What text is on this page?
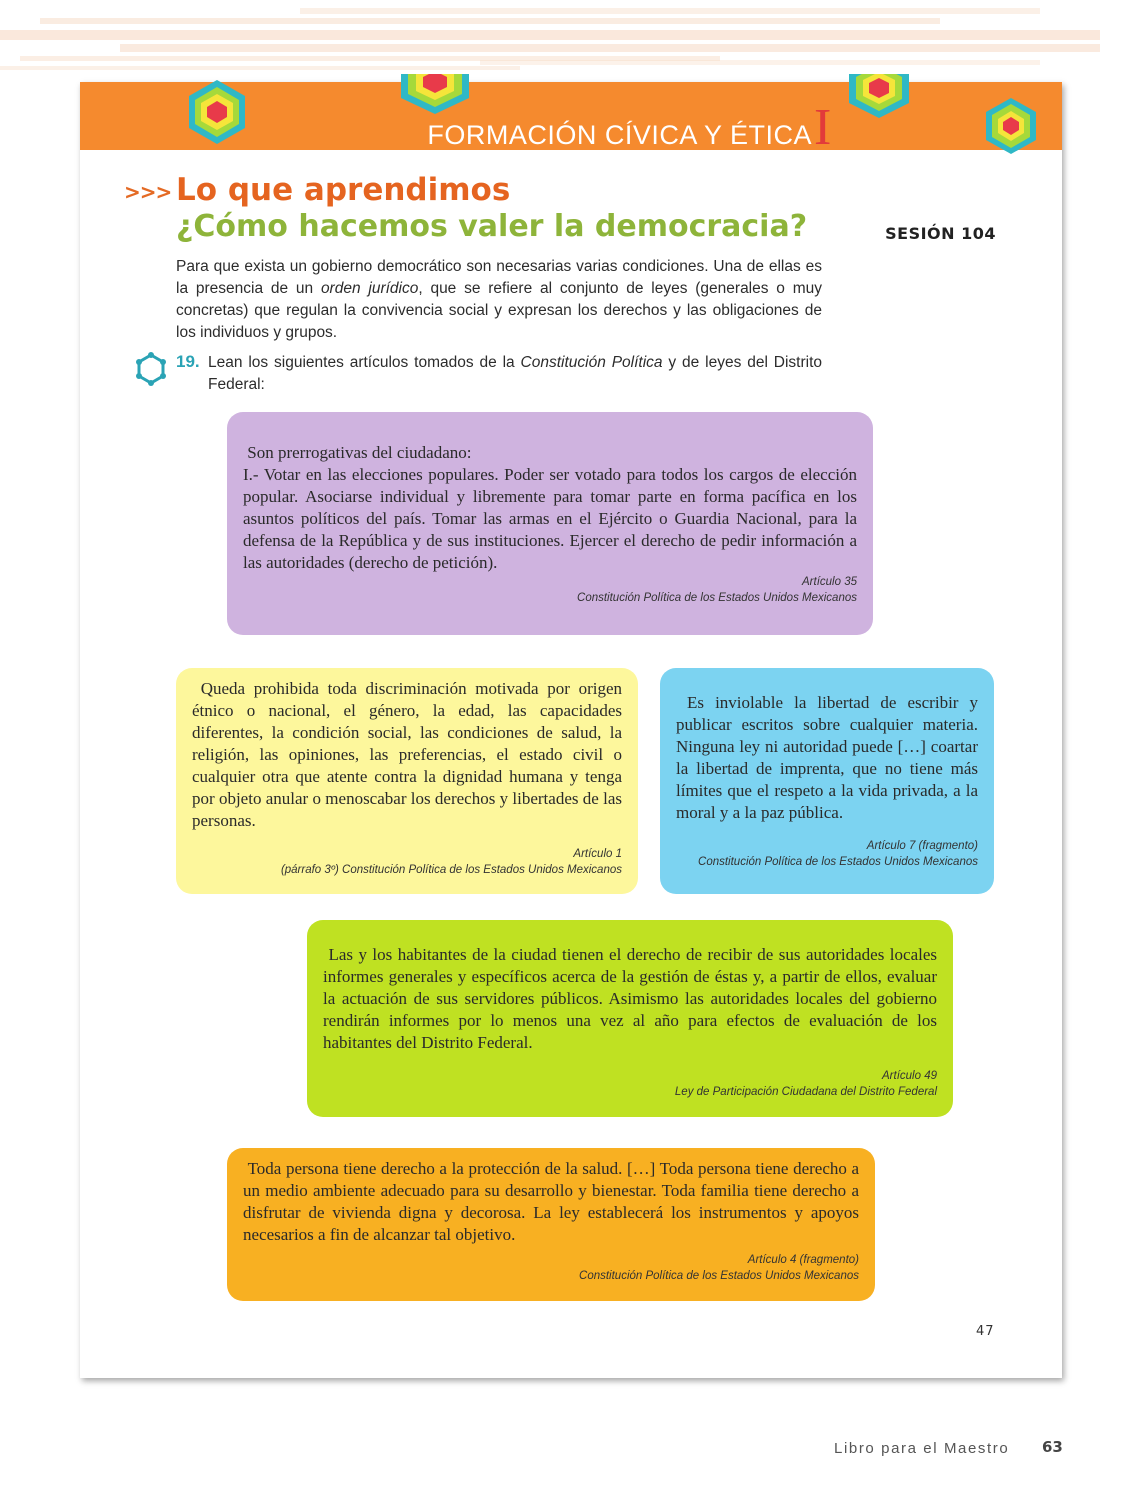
FORMACIÓN CÍVICA Y ÉTICA I
>>> Lo que aprendimos
¿Cómo hacemos valer la democracia?	SESIÓN 104

Para que exista un gobierno democrático son necesarias varias condiciones. Una de ellas es la presencia de un orden jurídico, que se refiere al conjunto de leyes (generales o muy concretas) que regulan la convivencia social y expresan los derechos y las obligaciones de los individuos y grupos.

19. Lean los siguientes artículos tomados de la Constitución Política y de leyes del Distrito Federal:

Son prerrogativas del ciudadano:
I.- Votar en las elecciones populares. Poder ser votado para todos los cargos de elección popular. Asociarse individual y libremente para tomar parte en forma pacífica en los asuntos políticos del país. Tomar las armas en el Ejército o Guardia Nacional, para la defensa de la República y de sus instituciones. Ejercer el derecho de pedir información a las autoridades (derecho de petición).

Artículo 35
Constitución Política de los Estados Unidos Mexicanos

Queda prohibida toda discriminación motivada por origen étnico o nacional, el género, la edad, las capacidades diferentes, la condición social, las condiciones de salud, la religión, las opiniones, las preferencias, el estado civil o cualquier otra que atente contra la dignidad humana y tenga por objeto anular o menoscabar los derechos y libertades de las personas.

Artículo 1
(párrafo 3º) Constitución Política de los Estados Unidos Mexicanos

Es inviolable la libertad de escribir y publicar escritos sobre cualquier materia. Ninguna ley ni autoridad puede […] coartar la libertad de imprenta, que no tiene más límites que el respeto a la vida privada, a la moral y a la paz pública.

Artículo 7 (fragmento)
Constitución Política de los Estados Unidos Mexicanos

Las y los habitantes de la ciudad tienen el derecho de recibir de sus autoridades locales informes generales y específicos acerca de la gestión de éstas y, a partir de ellos, evaluar la actuación de sus servidores públicos. Asimismo las autoridades locales del gobierno rendirán informes por lo menos una vez al año para efectos de evaluación de los habitantes del Distrito Federal.

Artículo 49
Ley de Participación Ciudadana del Distrito Federal

Toda persona tiene derecho a la protección de la salud. […] Toda persona tiene derecho a un medio ambiente adecuado para su desarrollo y bienestar. Toda familia tiene derecho a disfrutar de vivienda digna y decorosa. La ley establecerá los instrumentos y apoyos necesarios a fin de alcanzar tal objetivo.

Artículo 4 (fragmento)
Constitución Política de los Estados Unidos Mexicanos
47
Libro para el Maestro 63
